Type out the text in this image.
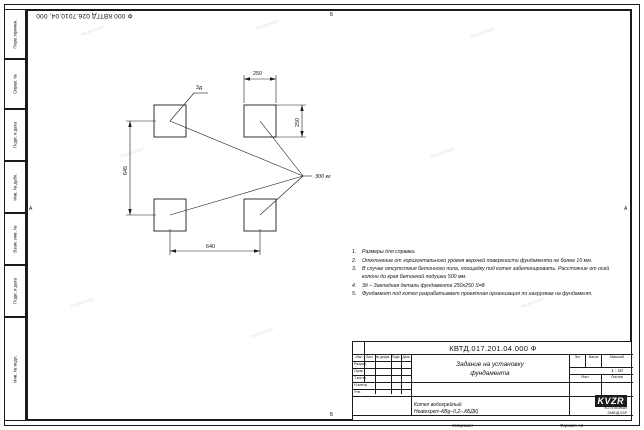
Перв. примен.
Справ. №
Подп. и дата
Инв. № дубл.
Взам. инв. №
Подп. и дата
Инв. № подл.
Б
А	А
Б
Ф 000 КВТГД 026.7010.04, 000
техэксперт	техэксперт
техэксперт
техэксперт	техэксперт
техэксперт
техэксперт
техэксперт
300 кг
3д
250
250
645
640
1.	Размеры для справки.
2.	Отклонение от горизонтального уровня верхней поверхности фундамента не более 10 мм.
3.	В случае отсутствия бетонного пола, площадку под котел забетонировать. Расстояние от осей колонн до края бетонной подушки 500 мм.
4.	3д – Закладная деталь фундамента 250х250 S=8
5.	Фундамент под котел разрабатывает проектная организация по нагрузкам на фундамент.
КВТД.017.201.04.000 Ф
Задание на установку
фундамента
Котел водогрейный
Неatexpert–КВg–0,2–.КБДК)
Изм.	Лист № докум. Подп. Дата
Разраб.
Пров.
Т.контр.
Н.контр.
Утв.
Лит.	Масса	Масштаб
1 : 10
Лист	Листов
KVZR
КОТЕЛЬНЫЙ
ЗАВОД КЗР
Копировал	Формат А3
